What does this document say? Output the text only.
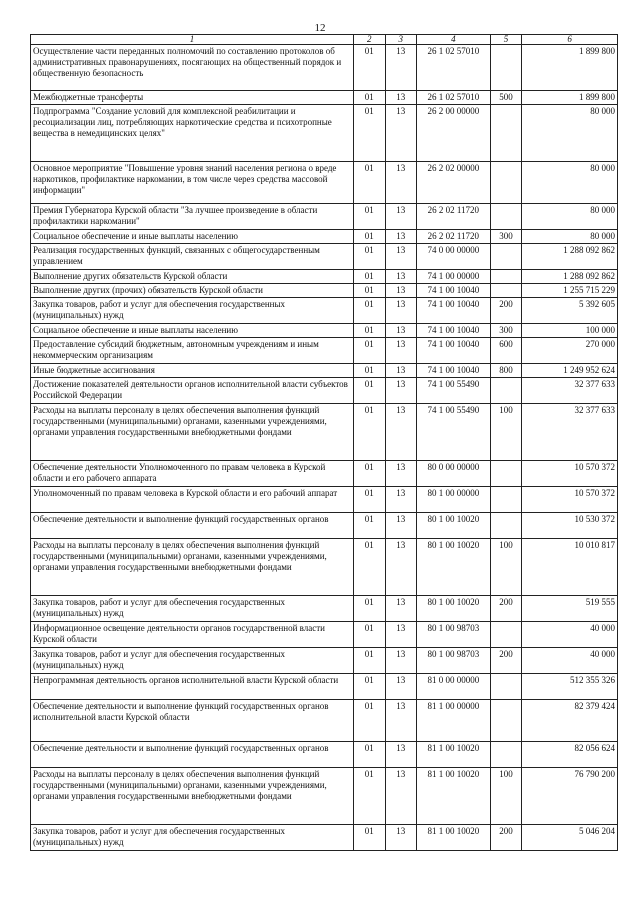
12
1	2	3	4	5	6
Осуществление части переданных полномочий по составлению протоколов об административных правонарушениях, посягающих на общественный порядок и общественную безопасность	01	13	26 1 02 57010		1 899 800
Межбюджетные трансферты	01	13	26 1 02 57010	500	1 899 800
Подпрограмма "Создание условий для комплексной реабилитации и ресоциализации лиц, потребляющих наркотические средства и психотропные вещества в немедицинских целях"	01	13	26 2 00 00000		80 000
Основное мероприятие "Повышение уровня знаний населения региона о вреде наркотиков, профилактике наркомании, в том числе через средства массовой информации"	01	13	26 2 02 00000		80 000
Премия Губернатора Курской области "За лучшее произведение в области профилактики наркомании"	01	13	26 2 02 11720		80 000
Социальное обеспечение и иные выплаты населению	01	13	26 2 02 11720	300	80 000
Реализация государственных функций, связанных с общегосударственным управлением	01	13	74 0 00 00000		1 288 092 862
Выполнение других обязательств Курской области	01	13	74 1 00 00000		1 288 092 862
Выполнение других (прочих) обязательств Курской области	01	13	74 1 00 10040		1 255 715 229
Закупка товаров, работ и услуг для обеспечения государственных (муниципальных) нужд	01	13	74 1 00 10040	200	5 392 605
Социальное обеспечение и иные выплаты населению	01	13	74 1 00 10040	300	100 000
Предоставление субсидий бюджетным, автономным учреждениям и иным некоммерческим организациям	01	13	74 1 00 10040	600	270 000
Иные бюджетные ассигнования	01	13	74 1 00 10040	800	1 249 952 624
Достижение показателей деятельности органов исполнительной власти субъектов Российской Федерации	01	13	74 1 00 55490		32 377 633
Расходы на выплаты персоналу в целях обеспечения выполнения функций государственными (муниципальными) органами, казенными учреждениями, органами управления государственными внебюджетными фондами	01	13	74 1 00 55490	100	32 377 633
Обеспечение деятельности Уполномоченного по правам человека в Курской области и его рабочего аппарата	01	13	80 0 00 00000		10 570 372
Уполномоченный по правам человека в Курской области и его рабочий аппарат	01	13	80 1 00 00000		10 570 372
Обеспечение деятельности и выполнение функций государственных органов	01	13	80 1 00 10020		10 530 372
Расходы на выплаты персоналу в целях обеспечения выполнения функций государственными (муниципальными) органами, казенными учреждениями, органами управления государственными внебюджетными фондами	01	13	80 1 00 10020	100	10 010 817
Закупка товаров, работ и услуг для обеспечения государственных (муниципальных) нужд	01	13	80 1 00 10020	200	519 555
Информационное освещение деятельности органов государственной власти Курской области	01	13	80 1 00 98703		40 000
Закупка товаров, работ и услуг для обеспечения государственных (муниципальных) нужд	01	13	80 1 00 98703	200	40 000
Непрограммная деятельность органов исполнительной власти Курской области	01	13	81 0 00 00000		512 355 326
Обеспечение деятельности и выполнение функций государственных органов исполнительной власти Курской области	01	13	81 1 00 00000		82 379 424
Обеспечение деятельности и выполнение функций государственных органов	01	13	81 1 00 10020		82 056 624
Расходы на выплаты персоналу в целях обеспечения выполнения функций государственными (муниципальными) органами, казенными учреждениями, органами управления государственными внебюджетными фондами	01	13	81 1 00 10020	100	76 790 200
Закупка товаров, работ и услуг для обеспечения государственных (муниципальных) нужд	01	13	81 1 00 10020	200	5 046 204
